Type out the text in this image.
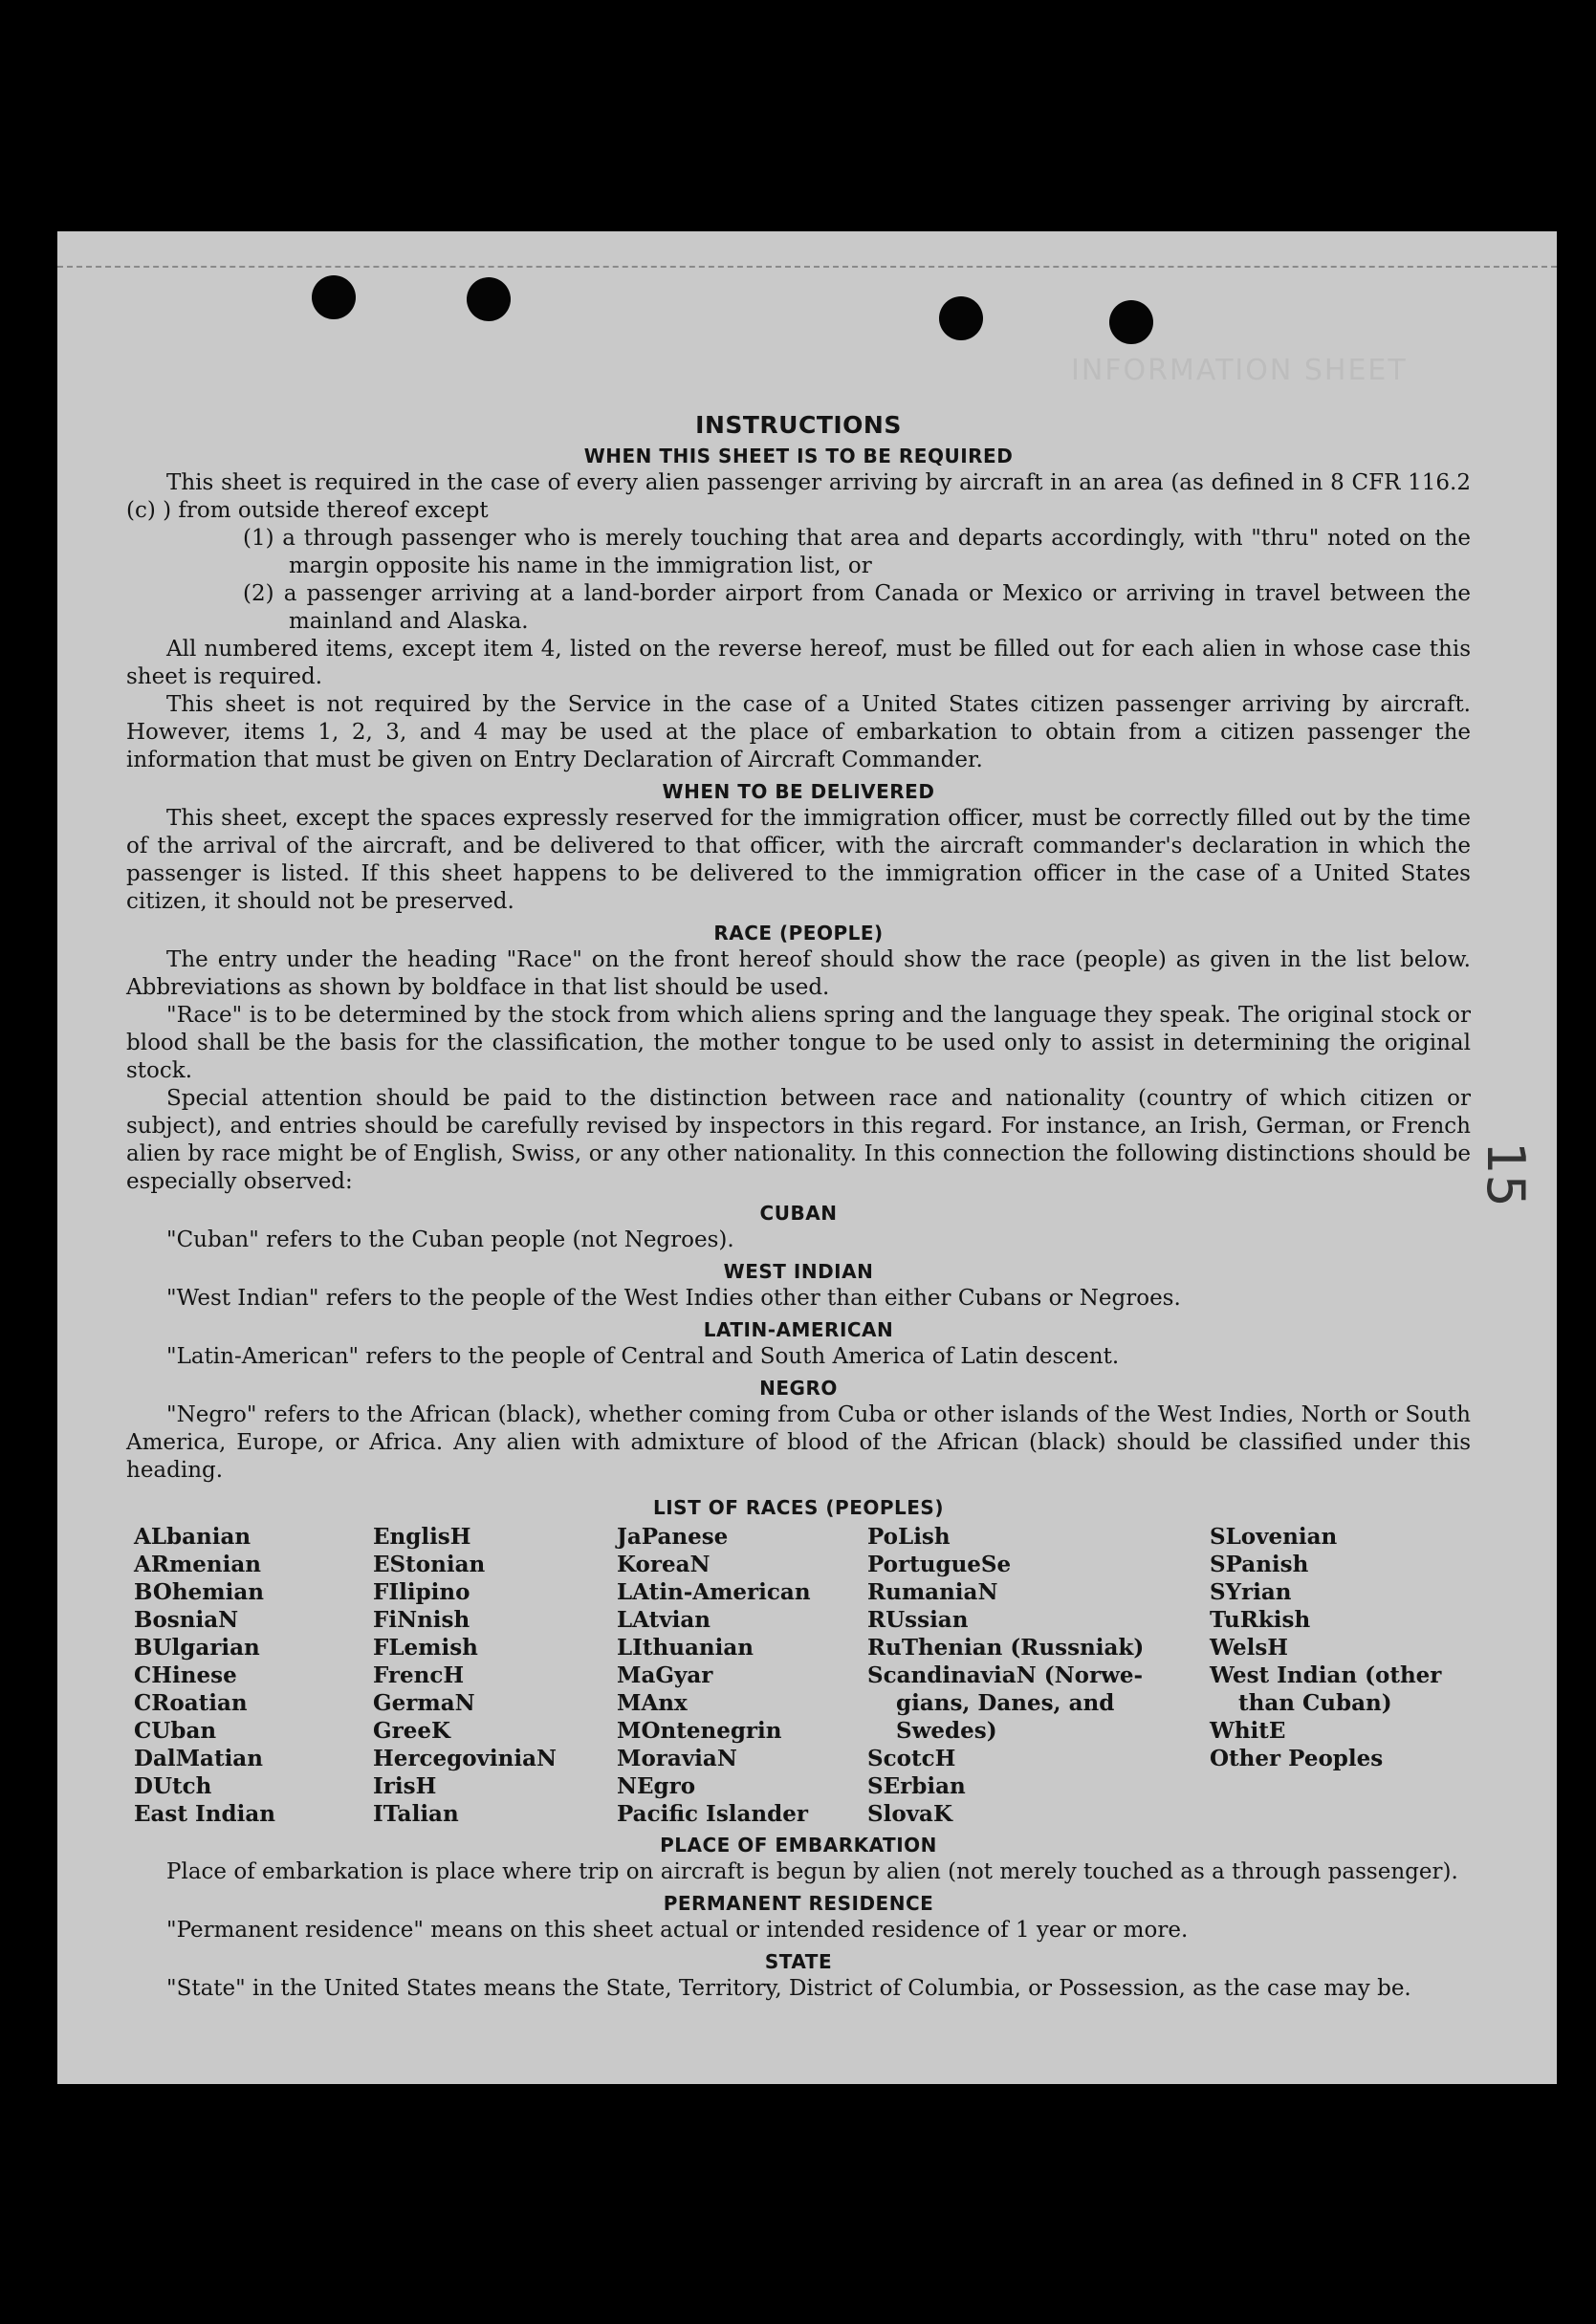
INFORMATION SHEET
INSTRUCTIONS
WHEN THIS SHEET IS TO BE REQUIRED

This sheet is required in the case of every alien passenger arriving by aircraft in an area (as defined in 8 CFR 116.2 (c) ) from outside thereof except

(1) a through passenger who is merely touching that area and departs accordingly, with "thru" noted on the margin opposite his name in the immigration list, or

(2) a passenger arriving at a land-border airport from Canada or Mexico or arriving in travel between the mainland and Alaska.

All numbered items, except item 4, listed on the reverse hereof, must be filled out for each alien in whose case this sheet is required.

This sheet is not required by the Service in the case of a United States citizen passenger arriving by aircraft. However, items 1, 2, 3, and 4 may be used at the place of embarkation to obtain from a citizen passenger the information that must be given on Entry Declaration of Aircraft Commander.

WHEN TO BE DELIVERED

This sheet, except the spaces expressly reserved for the immigration officer, must be correctly filled out by the time of the arrival of the aircraft, and be delivered to that officer, with the aircraft commander's declaration in which the passenger is listed. If this sheet happens to be delivered to the immigration officer in the case of a United States citizen, it should not be preserved.

RACE (PEOPLE)

The entry under the heading "Race" on the front hereof should show the race (people) as given in the list below. Abbreviations as shown by boldface in that list should be used.

"Race" is to be determined by the stock from which aliens spring and the language they speak. The original stock or blood shall be the basis for the classification, the mother tongue to be used only to assist in determining the original stock.

Special attention should be paid to the distinction between race and nationality (country of which citizen or subject), and entries should be carefully revised by inspectors in this regard. For instance, an Irish, German, or French alien by race might be of English, Swiss, or any other nationality. In this connection the following distinctions should be especially observed:

CUBAN

"Cuban" refers to the Cuban people (not Negroes).

WEST INDIAN

"West Indian" refers to the people of the West Indies other than either Cubans or Negroes.

LATIN-AMERICAN

"Latin-American" refers to the people of Central and South America of Latin descent.

NEGRO

"Negro" refers to the African (black), whether coming from Cuba or other islands of the West Indies, North or South America, Europe, or Africa. Any alien with admixture of blood of the African (black) should be classified under this heading.

LIST OF RACES (PEOPLES)
ALbanian
ARmenian
BOhemian
BosniaN
BUlgarian
CHinese
CRoatian
CUban
DalMatian
DUtch
East Indian
EnglisH
EStonian
FIlipino
FiNnish
FLemish
FrencH
GermaN
GreeK
HercegoviniaN
IrisH
ITalian
JaPanese
KoreaN
LAtin-American
LAtvian
LIthuanian
MaGyar
MAnx
MOntenegrin
MoraviaN
NEgro
Pacific Islander
PoLish
PortugueSe
RumaniaN
RUssian
RuThenian (Russniak)
ScandinaviaN (Norwe-
gians, Danes, and
Swedes)
ScotcH
SErbian
SlovaK
SLovenian
SPanish
SYrian
TuRkish
WelsH
West Indian (other
than Cuban)
WhitE
Other Peoples
PLACE OF EMBARKATION

Place of embarkation is place where trip on aircraft is begun by alien (not merely touched as a through passenger).

PERMANENT RESIDENCE

"Permanent residence" means on this sheet actual or intended residence of 1 year or more.

STATE

"State" in the United States means the State, Territory, District of Columbia, or Possession, as the case may be.

15
